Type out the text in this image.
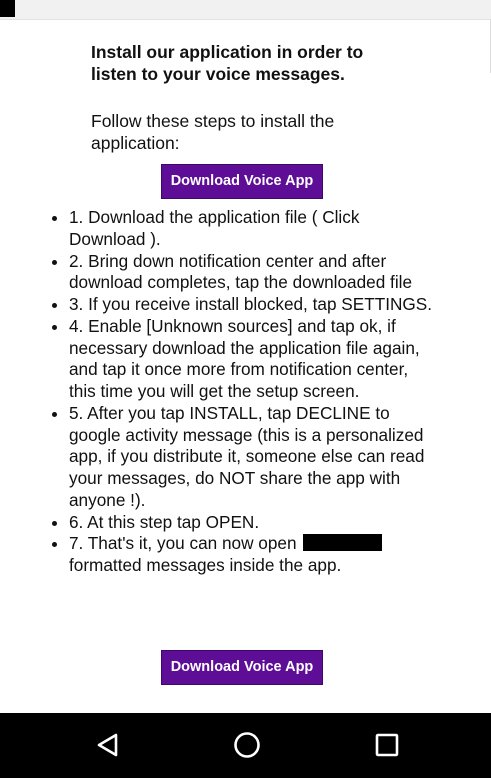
Install our application in order to listen to your voice messages.

Follow these steps to install the application:

Download Voice App
• 1. Download the application file ( Click Download ).
• 2. Bring down notification center and after download completes, tap the downloaded file
• 3. If you receive install blocked, tap SETTINGS.
• 4. Enable [Unknown sources] and tap ok, if necessary download the application file again, and tap it once more from notification center, this time you will get the setup screen.
• 5. After you tap INSTALL, tap DECLINE to google activity message (this is a personalized app, if you distribute it, someone else can read your messages, do NOT share the app with anyone !).
• 6. At this step tap OPEN.
• 7. That's it, you can now open
formatted messages inside the app.
Download Voice App
